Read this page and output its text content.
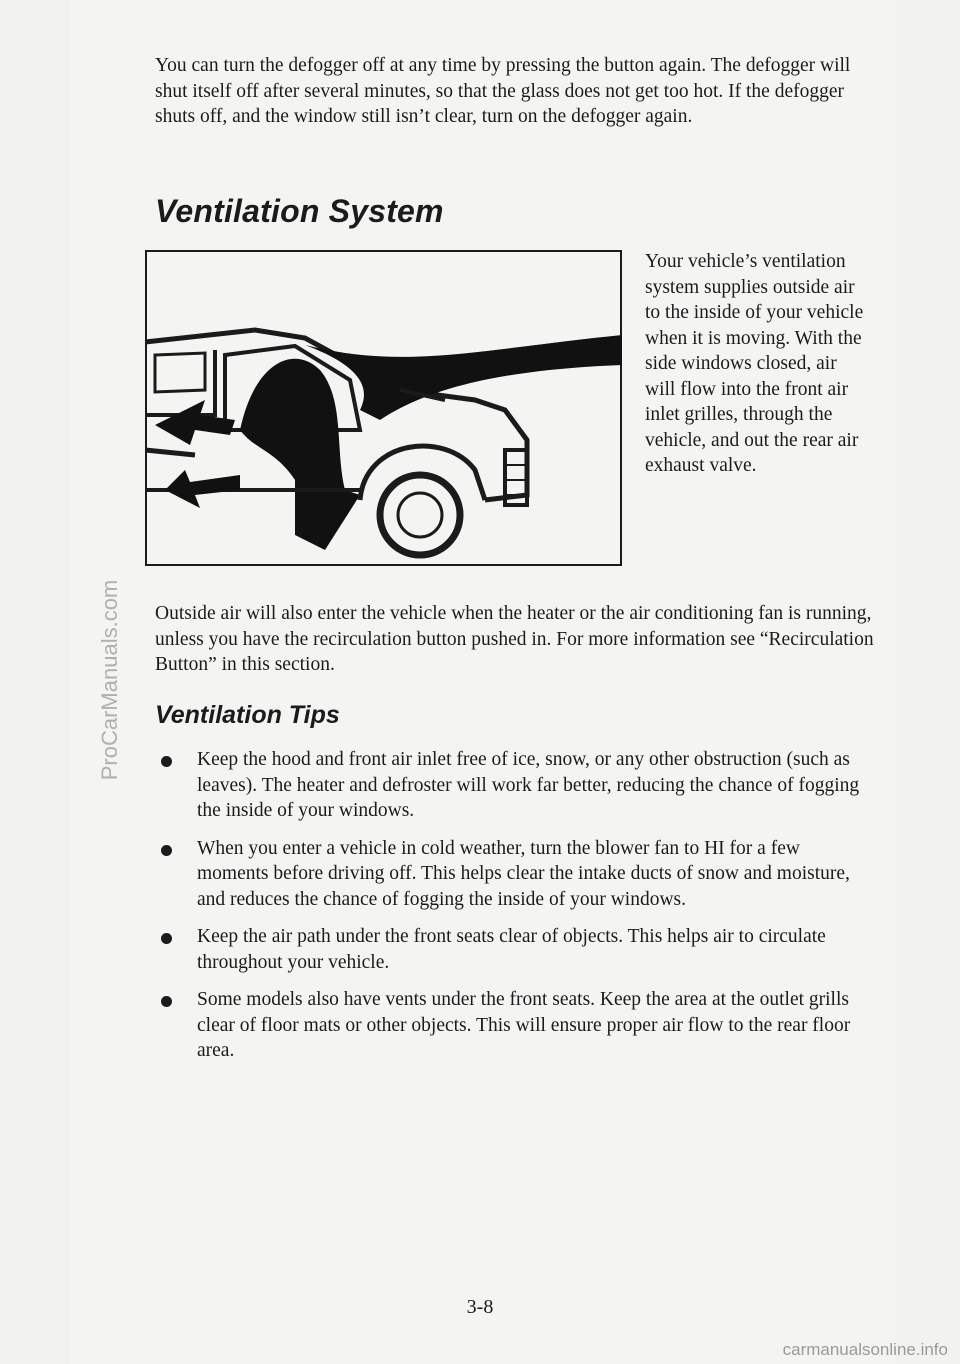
You can turn the defogger off at any time by pressing the button again. The defogger will shut itself off after several minutes, so that the glass does not get too hot. If the defogger shuts off, and the window still isn’t clear, turn on the defogger again.

Ventilation System

Your vehicle’s ventilation system supplies outside air to the inside of your vehicle when it is moving. With the side windows closed, air will flow into the front air inlet grilles, through the vehicle, and out the rear air exhaust valve.

Outside air will also enter the vehicle when the heater or the air conditioning fan is running, unless you have the recirculation button pushed in. For more information see “Recirculation Button” in this section.

Ventilation Tips
Keep the hood and front air inlet free of ice, snow, or any other obstruction (such as leaves). The heater and defroster will work far better, reducing the chance of fogging the inside of your windows.
When you enter a vehicle in cold weather, turn the blower fan to HI for a few moments before driving off. This helps clear the intake ducts of snow and moisture, and reduces the chance of fogging the inside of your windows.
Keep the air path under the front seats clear of objects. This helps air to circulate throughout your vehicle.
Some models also have vents under the front seats. Keep the area at the outlet grills clear of floor mats or other objects. This will ensure proper air flow to the rear floor area.
3-8
ProCarManuals.com
carmanualsonline.info
